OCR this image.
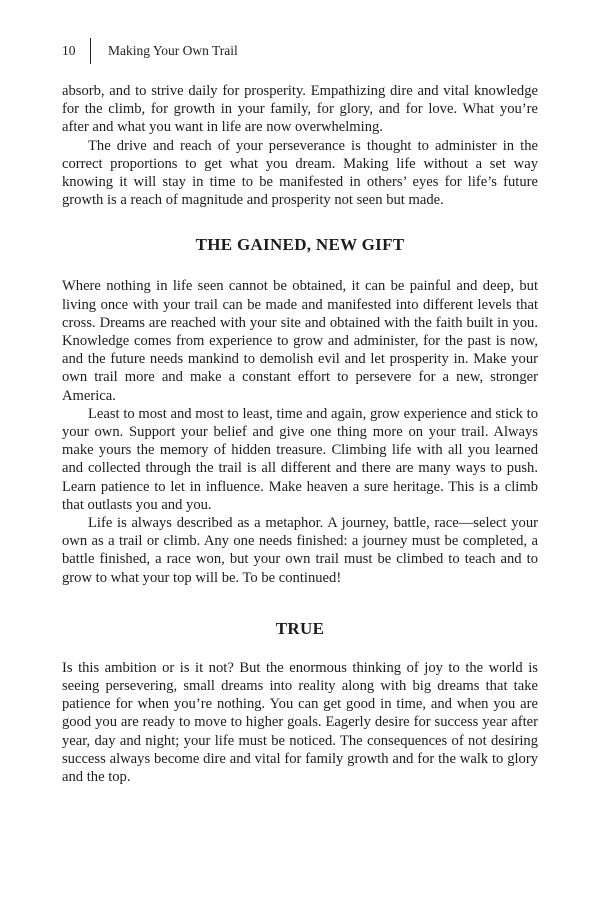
10	Making Your Own Trail

absorb, and to strive daily for prosperity. Empathizing dire and vital knowledge for the climb, for growth in your family, for glory, and for love. What you’re after and what you want in life are now overwhelming.

The drive and reach of your perseverance is thought to administer in the correct proportions to get what you dream. Making life without a set way knowing it will stay in time to be manifested in others’ eyes for life’s future growth is a reach of magnitude and prosperity not seen but made.

THE GAINED, NEW GIFT

Where nothing in life seen cannot be obtained, it can be painful and deep, but living once with your trail can be made and manifested into different levels that cross. Dreams are reached with your site and obtained with the faith built in you. Knowledge comes from experience to grow and administer, for the past is now, and the future needs mankind to demolish evil and let prosperity in. Make your own trail more and make a constant effort to persevere for a new, stronger America.

Least to most and most to least, time and again, grow experience and stick to your own. Support your belief and give one thing more on your trail. Always make yours the memory of hidden treasure. Climbing life with all you learned and collected through the trail is all different and there are many ways to push. Learn patience to let in influence. Make heaven a sure heritage. This is a climb that outlasts you and you.

Life is always described as a metaphor. A journey, battle, race—select your own as a trail or climb. Any one needs finished: a journey must be completed, a battle finished, a race won, but your own trail must be climbed to teach and to grow to what your top will be. To be continued!

TRUE

Is this ambition or is it not? But the enormous thinking of joy to the world is seeing persevering, small dreams into reality along with big dreams that take patience for when you’re nothing. You can get good in time, and when you are good you are ready to move to higher goals. Eagerly desire for success year after year, day and night; your life must be noticed. The consequences of not desiring success always become dire and vital for family growth and for the walk to glory and the top.
